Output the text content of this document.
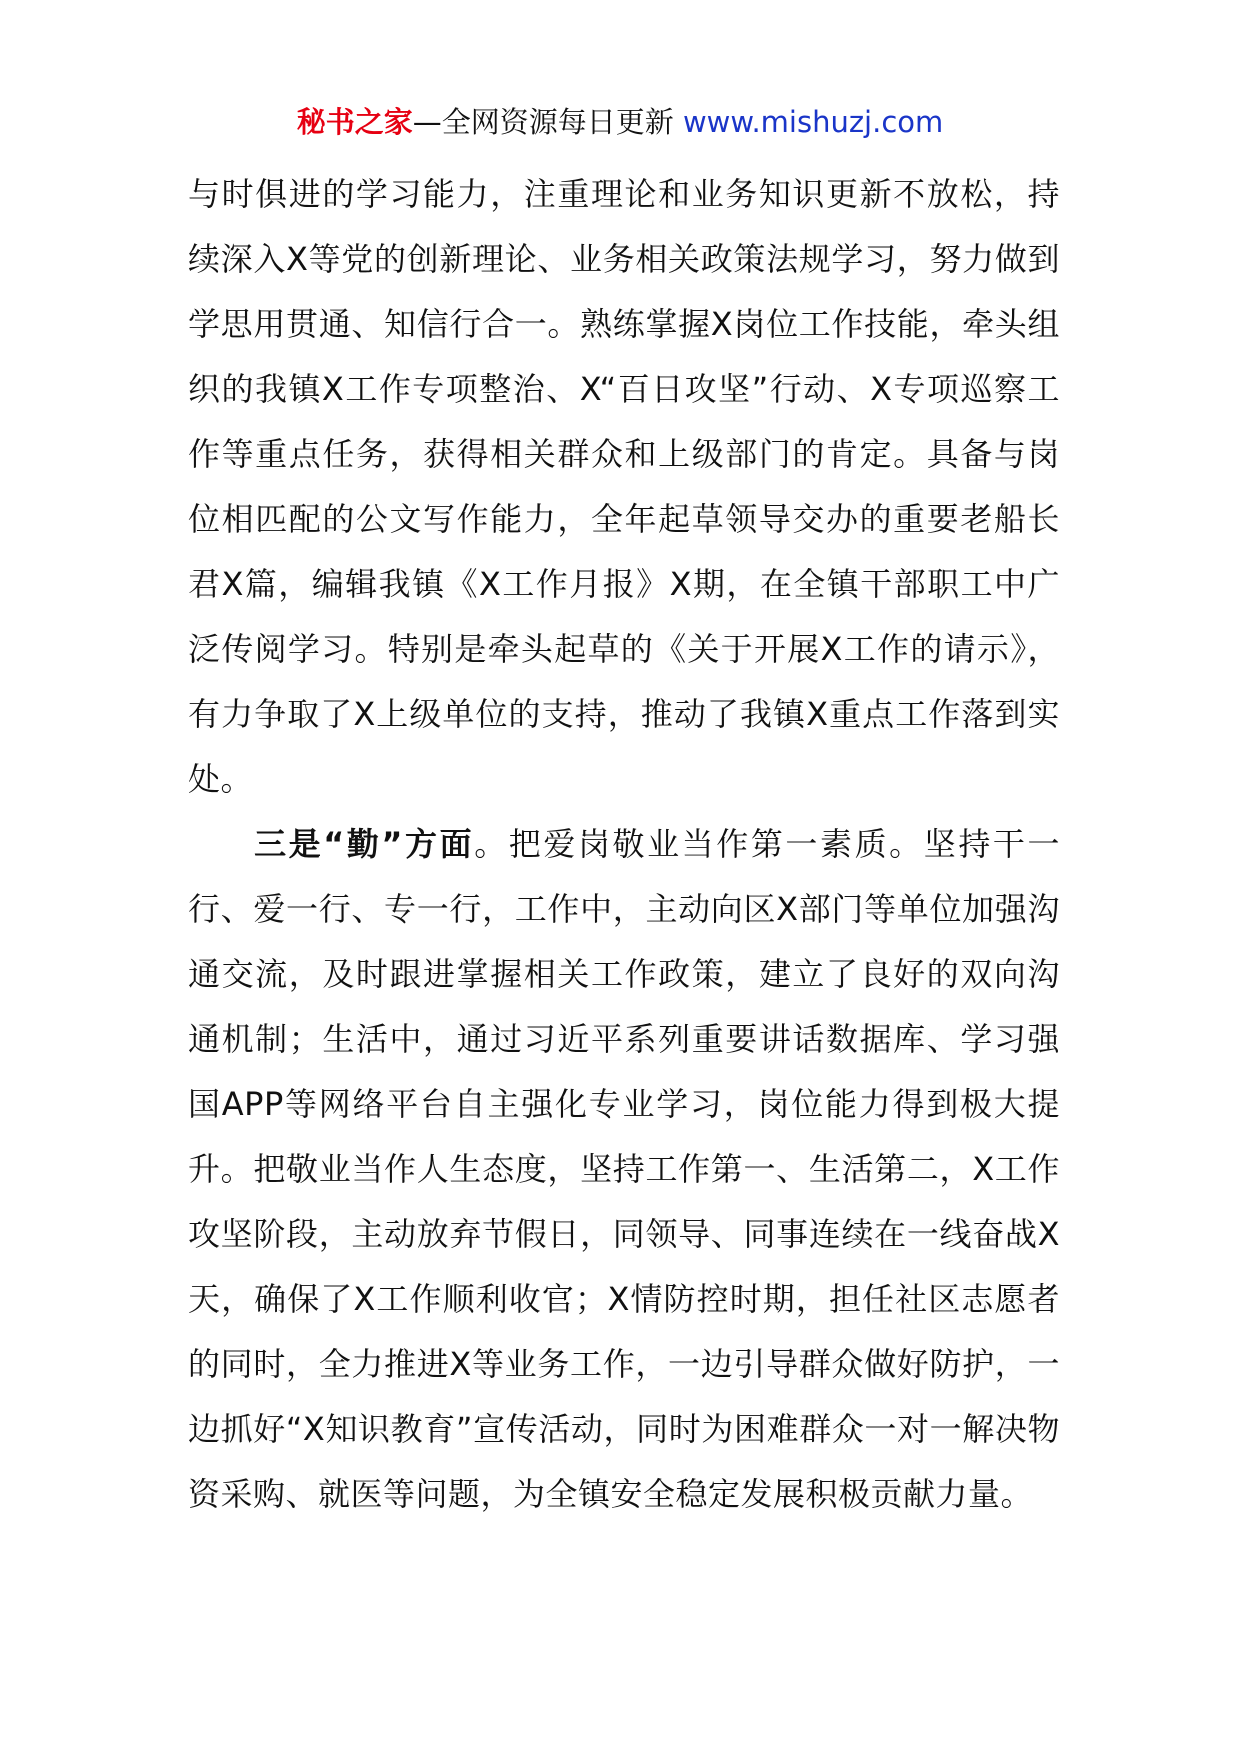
秘书之家—全网资源每日更新 www.mishuzj.com

与时俱进的学习能力，注重理论和业务知识更新不放松，持续深入X等党的创新理论、业务相关政策法规学习，努力做到学思用贯通、知信行合一。熟练掌握X岗位工作技能，牵头组织的我镇X工作专项整治、X“百日攻坚”行动、X专项巡察工作等重点任务，获得相关群众和上级部门的肯定。具备与岗位相匹配的公文写作能力，全年起草领导交办的重要老船长君X篇，编辑我镇《X工作月报》X期，在全镇干部职工中广泛传阅学习。特别是牵头起草的《关于开展X工作的请示》，有力争取了X上级单位的支持，推动了我镇X重点工作落到实处。

三是“勤”方面。把爱岗敬业当作第一素质。坚持干一行、爱一行、专一行，工作中，主动向区X部门等单位加强沟通交流，及时跟进掌握相关工作政策，建立了良好的双向沟通机制；生活中，通过习近平系列重要讲话数据库、学习强国APP等网络平台自主强化专业学习，岗位能力得到极大提升。把敬业当作人生态度，坚持工作第一、生活第二，X工作攻坚阶段，主动放弃节假日，同领导、同事连续在一线奋战X天，确保了X工作顺利收官；X情防控时期，担任社区志愿者的同时，全力推进X等业务工作，一边引导群众做好防护，一边抓好“X知识教育”宣传活动，同时为困难群众一对一解决物资采购、就医等问题，为全镇安全稳定发展积极贡献力量。
